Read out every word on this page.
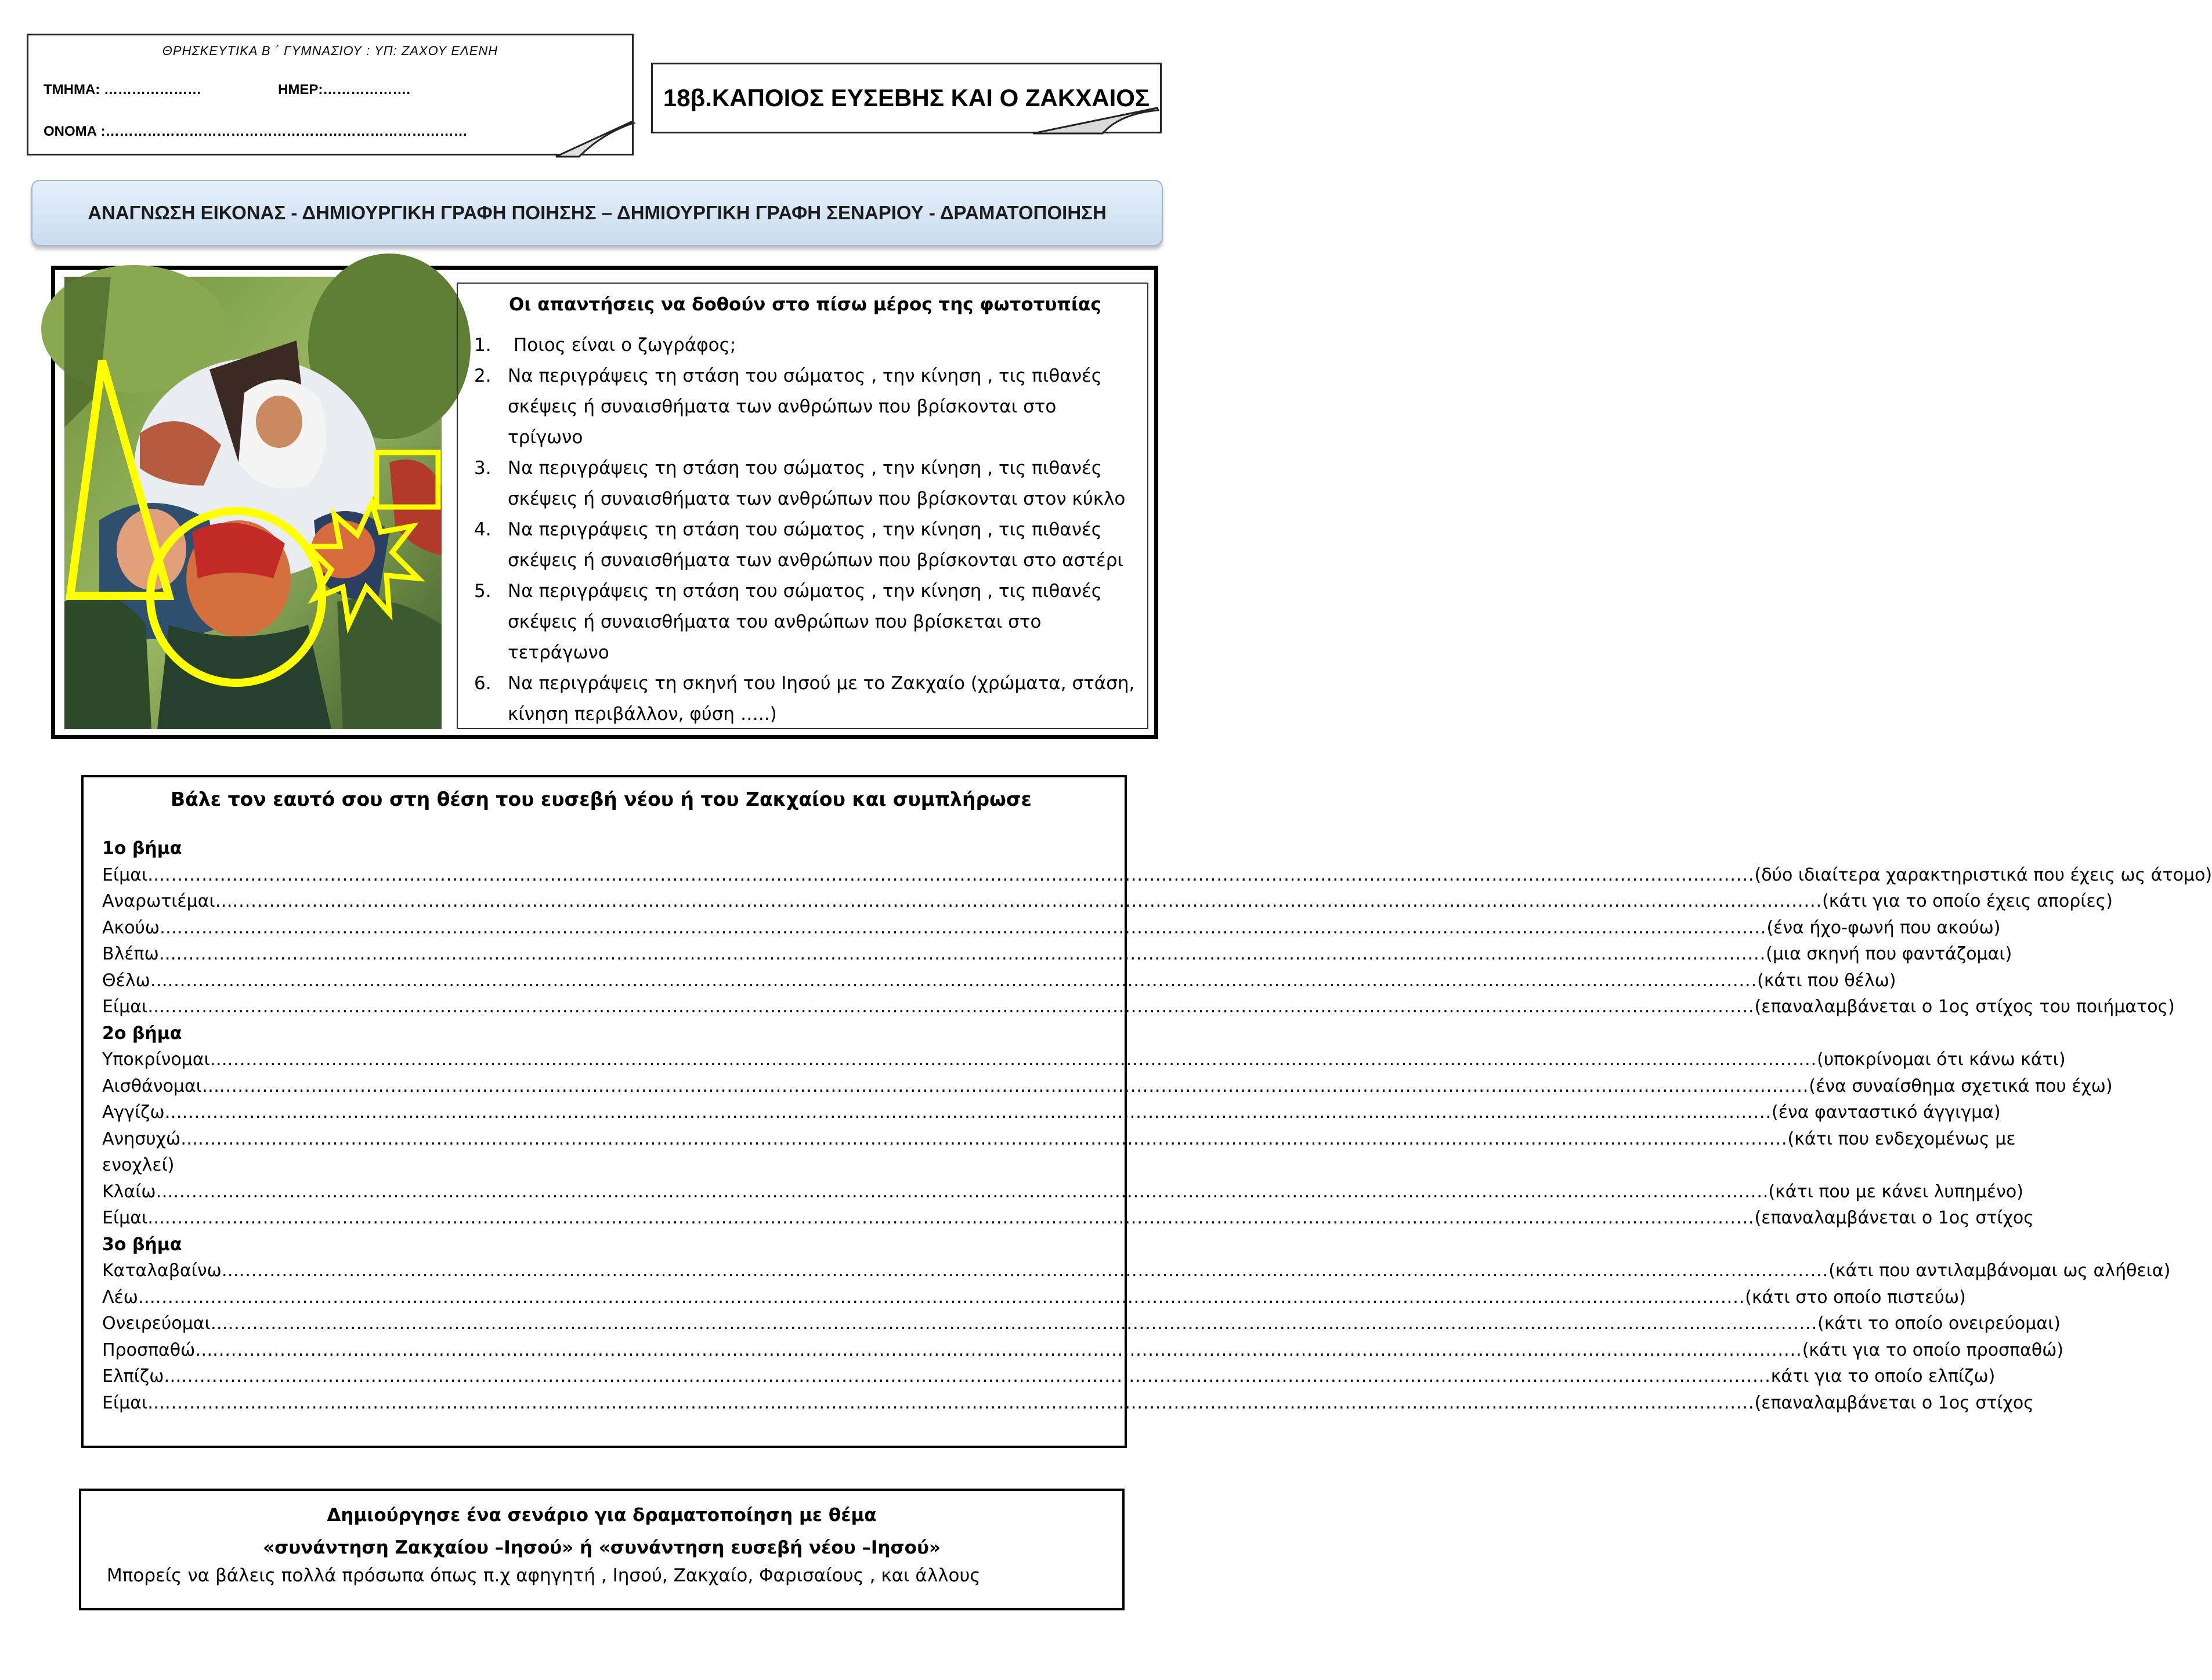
ΘΡΗΣΚΕΥΤΙΚΑ Β ΄ ΓΥΜΝΑΣΙΟΥ : ΥΠ: ΖΑΧΟΥ ΕΛΕΝΗ
ΤΜΗΜΑ: …………………	ΗΜΕΡ:……………….
ΟΝΟΜΑ :……………………………………………………………………
18β.ΚΑΠΟΙΟΣ ΕΥΣΕΒΗΣ ΚΑΙ Ο ΖΑΚΧΑΙΟΣ
ΑΝΑΓΝΩΣΗ ΕΙΚΟΝΑΣ - ΔΗΜΙΟΥΡΓΙΚΗ ΓΡΑΦΗ ΠΟΙΗΣΗΣ – ΔΗΜΙΟΥΡΓΙΚΗ ΓΡΑΦΗ ΣΕΝΑΡΙΟΥ - ΔΡΑΜΑΤΟΠΟΙΗΣΗ
Οι απαντήσεις να δοθούν στο πίσω μέρος της φωτοτυπίας
1. Ποιος είναι ο ζωγράφος;
2. Να περιγράψεις τη στάση του σώματος , την κίνηση , τις πιθανές
σκέψεις ή συναισθήματα των ανθρώπων που βρίσκονται στο
τρίγωνο
3. Να περιγράψεις τη στάση του σώματος , την κίνηση , τις πιθανές
σκέψεις ή συναισθήματα των ανθρώπων που βρίσκονται στον κύκλο
4. Να περιγράψεις τη στάση του σώματος , την κίνηση , τις πιθανές
σκέψεις ή συναισθήματα των ανθρώπων που βρίσκονται στο αστέρι
5. Να περιγράψεις τη στάση του σώματος , την κίνηση , τις πιθανές
σκέψεις ή συναισθήματα του ανθρώπων που βρίσκεται στο
τετράγωνο
6. Να περιγράψεις τη σκηνή του Ιησού με το Ζακχαίο (χρώματα, στάση,
κίνηση περιβάλλον, φύση …..)
Βάλε τον εαυτό σου στη θέση του ευσεβή νέου ή του Ζακχαίου και συμπλήρωσε
1ο βήμα
Είμαι… .................................................................................................................................................................................................................................................................... (δύο ιδιαίτερα χαρακτηριστικά που έχεις ως άτομο)
Αναρωτιέμαι… .................................................................................................................................................................................................................................................................... (κάτι για το οποίο έχεις απορίες)
Ακούω… .................................................................................................................................................................................................................................................................... (ένα ήχο-φωνή που ακούω)
Βλέπω… .................................................................................................................................................................................................................................................................... (μια σκηνή που φαντάζομαι)
Θέλω… .................................................................................................................................................................................................................................................................... (κάτι που θέλω)
Είμαι… .................................................................................................................................................................................................................................................................... (επαναλαμβάνεται ο 1ος στίχος του ποιήματος)
2ο βήμα
Υποκρίνομαι… .................................................................................................................................................................................................................................................................... (υποκρίνομαι ότι κάνω κάτι)
Αισθάνομαι… .................................................................................................................................................................................................................................................................... (ένα συναίσθημα σχετικά που έχω)
Αγγίζω… .................................................................................................................................................................................................................................................................... (ένα φανταστικό άγγιγμα)
Ανησυχώ… .................................................................................................................................................................................................................................................................... (κάτι που ενδεχομένως με
ενοχλεί)
Κλαίω… .................................................................................................................................................................................................................................................................... .(κάτι που με κάνει λυπημένο)
Είμαι… .................................................................................................................................................................................................................................................................... (επαναλαμβάνεται ο 1ος στίχος
3ο βήμα
Καταλαβαίνω… .................................................................................................................................................................................................................................................................... (κάτι που αντιλαμβάνομαι ως αλήθεια)
Λέω… .................................................................................................................................................................................................................................................................... (κάτι στο οποίο πιστεύω)
Ονειρεύομαι… .................................................................................................................................................................................................................................................................... (κάτι το οποίο ονειρεύομαι)
Προσπαθώ… .................................................................................................................................................................................................................................................................... (κάτι για το οποίο προσπαθώ)
Ελπίζω… .................................................................................................................................................................................................................................................................... κάτι για το οποίο ελπίζω)
Είμαι… .................................................................................................................................................................................................................................................................... (επαναλαμβάνεται ο 1ος στίχος
Δημιούργησε ένα σενάριο για δραματοποίηση με θέμα
«συνάντηση Ζακχαίου –Ιησού» ή «συνάντηση ευσεβή νέου –Ιησού»
Μπορείς να βάλεις πολλά πρόσωπα όπως π.χ αφηγητή , Ιησού, Ζακχαίο, Φαρισαίους , και άλλους
